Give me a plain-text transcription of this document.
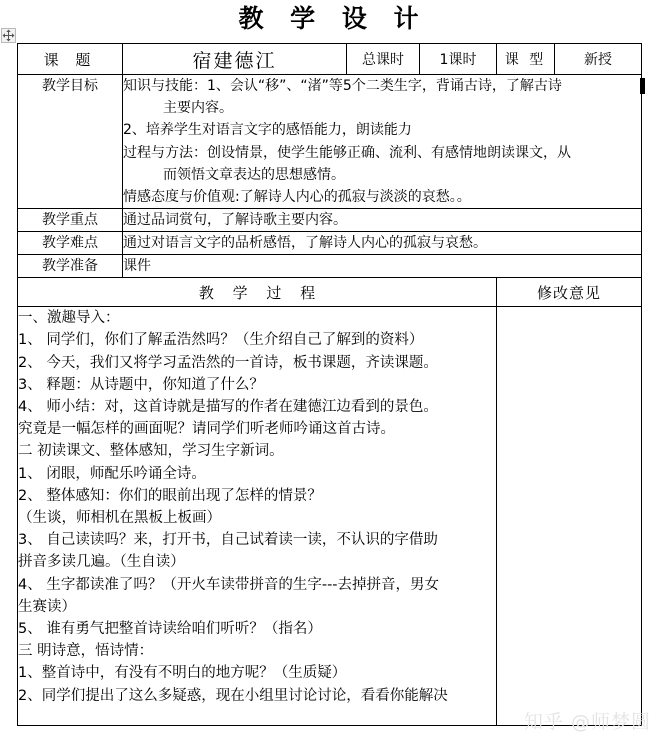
教 学 设 计
课 题	宿建德江	总课时	1课时	课 型	新授
教学目标	知识与技能：1、会认“移”、“渚”等5个二类生字，背诵古诗，了解古诗
主要内容。
2、培养学生对语言文字的感悟能力，朗读能力
过程与方法：创设情景，使学生能够正确、流利、有感情地朗读课文，从
而领悟文章表达的思想感情。
情感态度与价值观:了解诗人内心的孤寂与淡淡的哀愁。。

教学重点	通过品词赏句，了解诗歌主要内容。				
教学难点	通过对语言文字的品析感悟，了解诗人内心的孤寂与哀愁。				
教学准备	课件				
教 学 过 程				修改意见	

一、激趣导入：
1、 同学们，你们了解孟浩然吗？（生介绍自己了解到的资料）
2、 今天，我们又将学习孟浩然的一首诗，板书课题，齐读课题。
3、 释题：从诗题中，你知道了什么？
4、 师小结：对，这首诗就是描写的作者在建德江边看到的景色。
究竟是一幅怎样的画面呢？请同学们听老师吟诵这首古诗。
二 初读课文、整体感知，学习生字新词。
1、 闭眼，师配乐吟诵全诗。
2、 整体感知：你们的眼前出现了怎样的情景？
（生谈，师相机在黑板上板画）
3、 自己读读吗？来，打开书，自己试着读一读，不认识的字借助
拼音多读几遍。（生自读）
4、 生字都读准了吗？（开火车读带拼音的生字---去掉拼音，男女
生赛读）
5、 谁有勇气把整首诗读给咱们听听？（指名）
三 明诗意，悟诗情：
1、整首诗中，有没有不明白的地方呢？（生质疑）
2、同学们提出了这么多疑惑，现在小组里讨论讨论，看看你能解决

知乎 @师梦圆
